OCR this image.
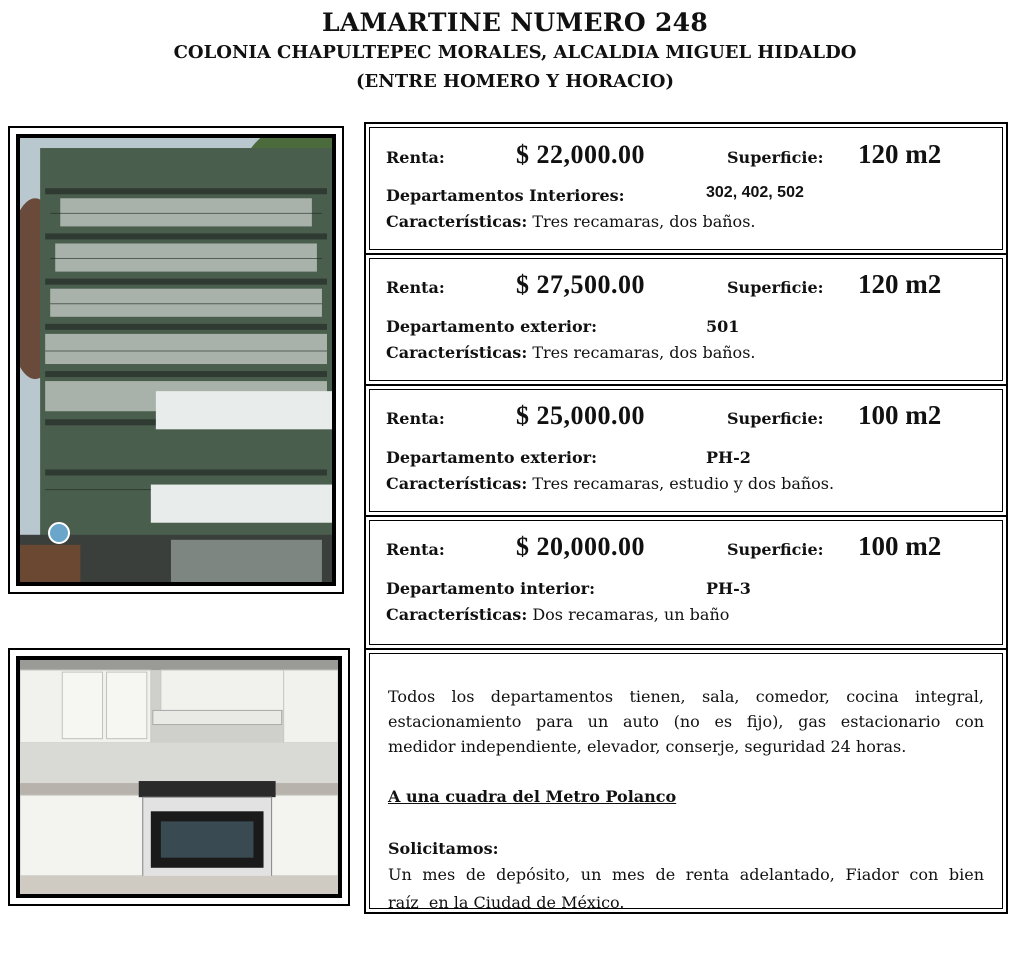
LAMARTINE NUMERO 248
COLONIA CHAPULTEPEC MORALES, ALCALDIA MIGUEL HIDALDO
(ENTRE HOMERO Y HORACIO)
Renta:	$ 22,000.00	Superficie: 120 m2
Departamentos Interiores:	302, 402, 502
Características: Tres recamaras, dos baños.
Renta:	$ 27,500.00	Superficie: 120 m2
Departamento exterior:	501
Características: Tres recamaras, dos baños.
Renta:	$ 25,000.00	Superficie: 100 m2
Departamento exterior:	PH-2
Características: Tres recamaras, estudio y dos baños.
Renta:	$ 20,000.00	Superficie: 100 m2
Departamento interior:	PH-3
Características: Dos recamaras, un baño
Todos los departamentos tienen, sala, comedor, cocina integral,
estacionamiento para un auto (no es fijo), gas estacionario con
medidor independiente, elevador, conserje, seguridad 24 horas.
A una cuadra del Metro Polanco
Solicitamos:
Un mes de depósito, un mes de renta adelantado, Fiador con bien
raíz  en la Ciudad de México.
